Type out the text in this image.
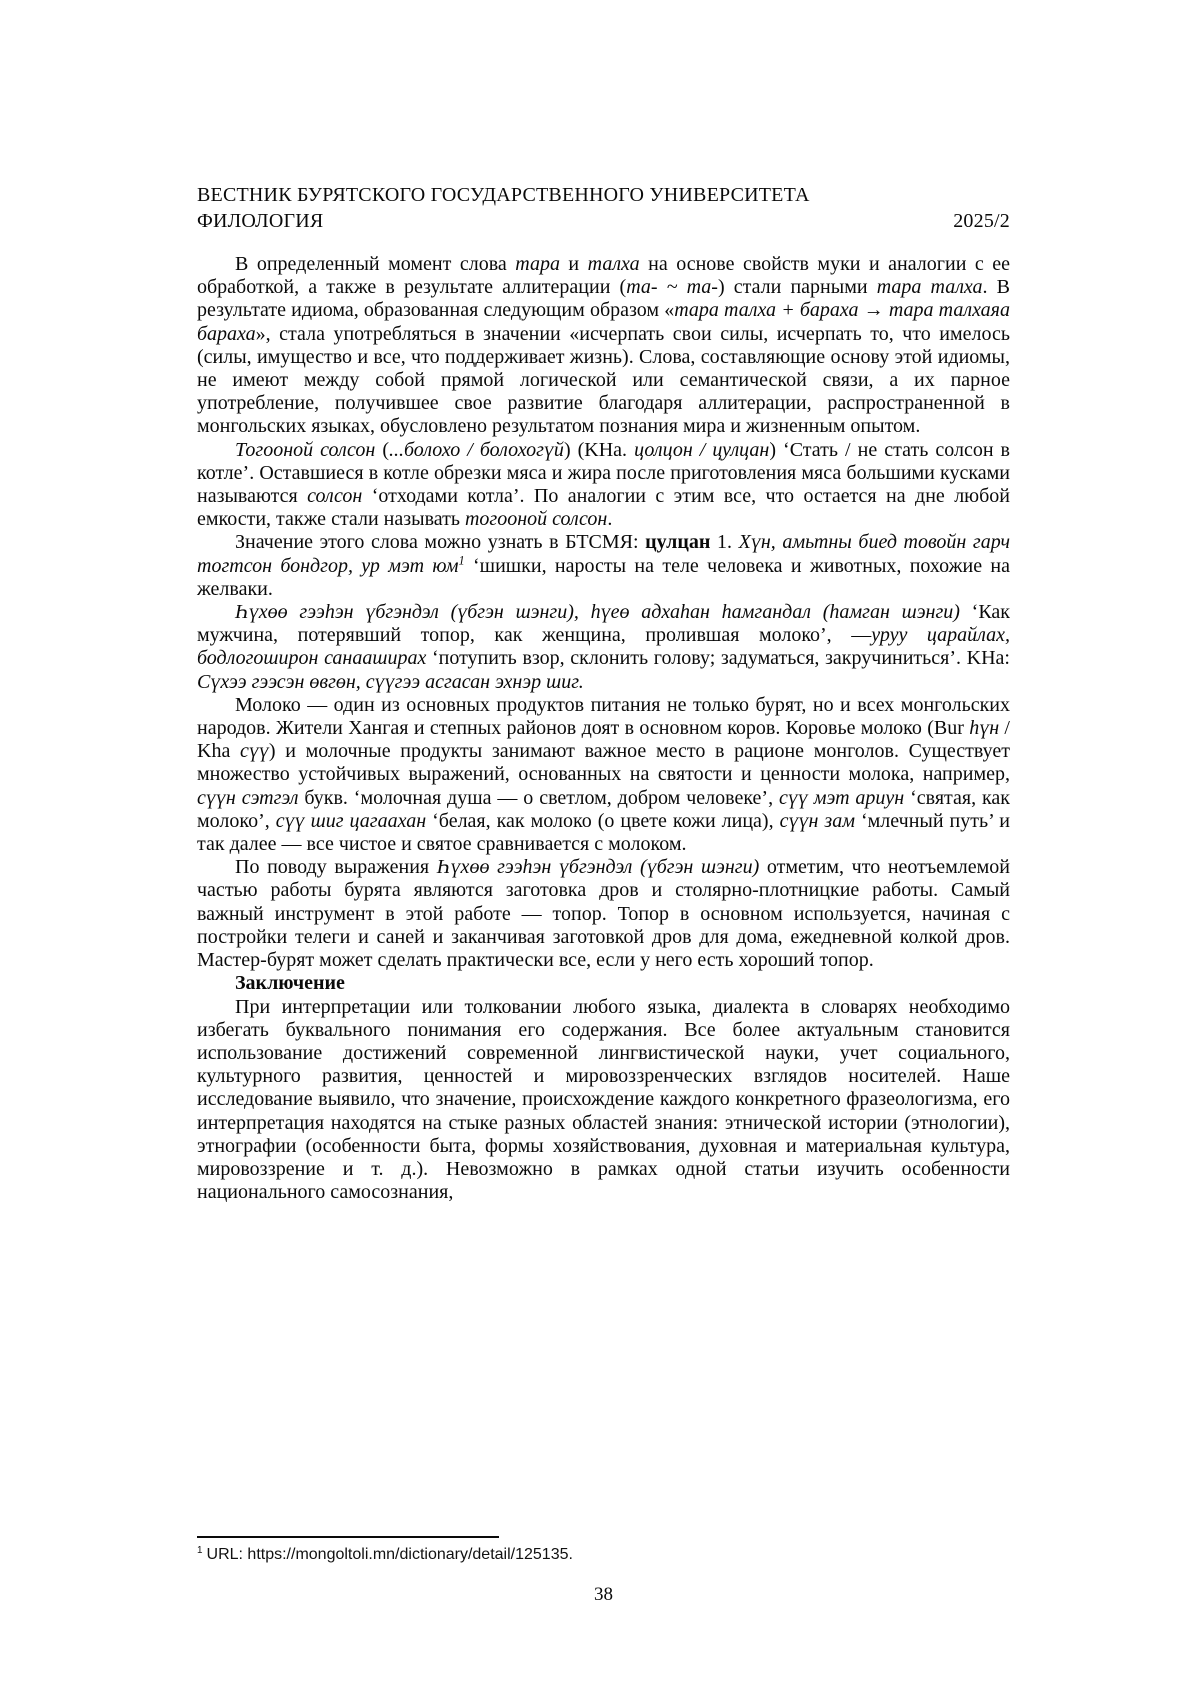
ВЕСТНИК БУРЯТСКОГО ГОСУДАРСТВЕННОГО УНИВЕРСИТЕТА
ФИЛОЛОГИЯ	2025/2

В определенный момент слова тара и талха на основе свойств муки и аналогии с ее обработкой, а также в результате аллитерации (та- ~ та-) стали парными тара талха. В результате идиома, образованная следующим образом «тара талха + бараха → тара талхаяа бараха», стала употребляться в значении «исчерпать свои силы, исчерпать то, что имелось (силы, имущество и все, что поддерживает жизнь). Слова, составляющие основу этой идиомы, не имеют между собой прямой логической или семантической связи, а их парное употребление, получившее свое развитие благодаря аллитерации, распространенной в монгольских языках, обусловлено результатом познания мира и жизненным опытом.

Тогооной солсон (...болохо / болохогүй) (KHa. цолцон / цулцан) ‘Стать / не стать солсон в котле’. Оставшиеся в котле обрезки мяса и жира после приготовления мяса большими кусками называются солсон ‘отходами котла’. По аналогии с этим все, что остается на дне любой емкости, также стали называть тогооной солсон.

Значение этого слова можно узнать в БТСМЯ: цулцан 1. Хүн, амьтны биед товойн гарч тогтсон бондгор, ур мэт $юм^1$ ‘шишки, наросты на теле человека и животных, похожие на желваки.

Һүхөө гээһэн үбгэндэл (үбгэн шэнги), һүеө адхаһан һамгандал (һамган шэнги) ‘Как мужчина, потерявший топор, как женщина, пролившая молоко’, —уруу царайлах, бодлогоширон санааширах ‘потупить взор, склонить голову; задуматься, закручиниться’. KHa: Сүхээ гээсэн өвгөн, сүүгээ асгасан эхнэр шиг.

Молоко — один из основных продуктов питания не только бурят, но и всех монгольских народов. Жители Хангая и степных районов доят в основном коров. Коровье молоко (Bur һүн / Kha сүү) и молочные продукты занимают важное место в рационе монголов. Существует множество устойчивых выражений, основанных на святости и ценности молока, например, сүүн сэтгэл букв. ‘молочная душа — о светлом, добром человеке’, сүү мэт ариун ‘святая, как молоко’, сүү шиг цагаахан ‘белая, как молоко (о цвете кожи лица), сүүн зам ‘млечный путь’ и так далее — все чистое и святое сравнивается с молоком.

По поводу выражения Һүхөө гээһэн үбгэндэл (үбгэн шэнги) отметим, что неотъемлемой частью работы бурята являются заготовка дров и столярно-плотницкие работы. Самый важный инструмент в этой работе — топор. Топор в основном используется, начиная с постройки телеги и саней и заканчивая заготовкой дров для дома, ежедневной колкой дров. Мастер-бурят может сделать практически все, если у него есть хороший топор.

Заключение

При интерпретации или толковании любого языка, диалекта в словарях необходимо избегать буквального понимания его содержания. Все более актуальным становится использование достижений современной лингвистической науки, учет социального, культурного развития, ценностей и мировоззренческих взглядов носителей. Наше исследование выявило, что значение, происхождение каждого конкретного фразеологизма, его интерпретация находятся на стыке разных областей знания: этнической истории (этнологии), этнографии (особенности быта, формы хозяйствования, духовная и материальная культура, мировоззрение и т. д.). Невозможно в рамках одной статьи изучить особенности национального самосознания,

$^1$ URL: https://mongoltoli.mn/dictionary/detail/125135.
38
